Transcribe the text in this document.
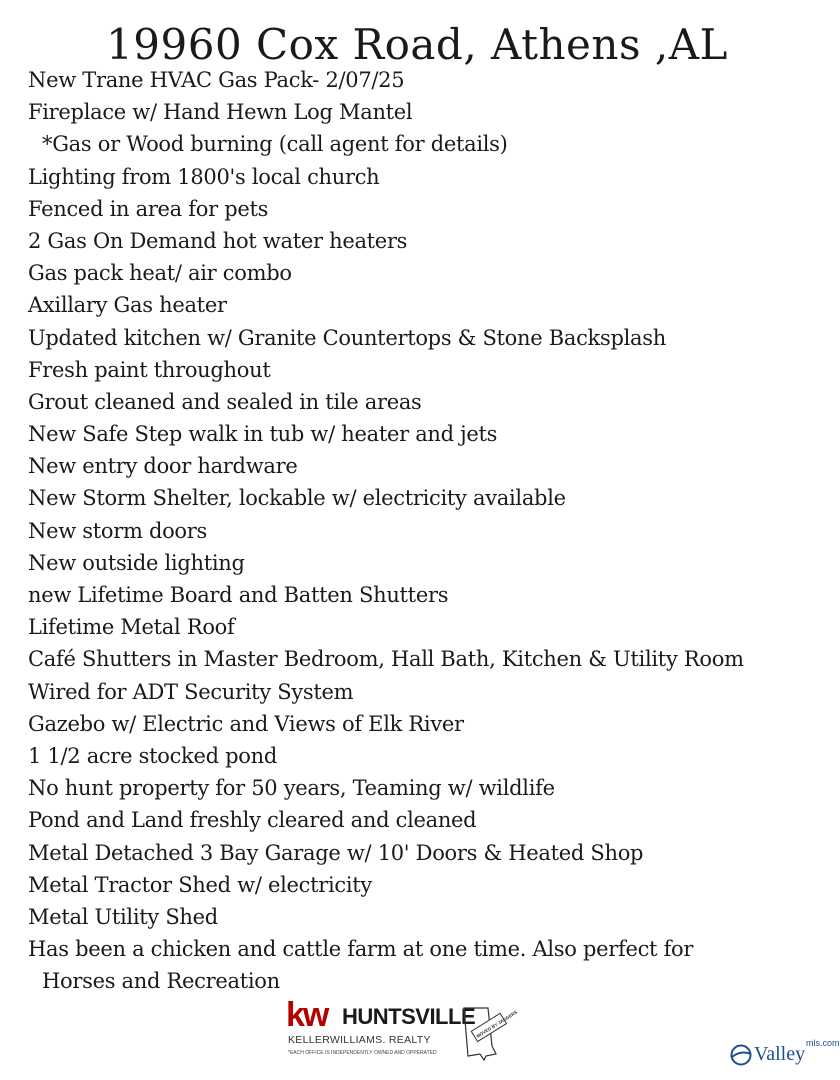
19960 Cox Road, Athens ,AL
New Trane HVAC Gas Pack- 2/07/25
Fireplace w/ Hand Hewn Log Mantel
*Gas or Wood burning (call agent for details)
Lighting from 1800's local church
Fenced in area for pets
2 Gas On Demand hot water heaters
Gas pack heat/ air combo
Axillary Gas heater
Updated kitchen w/ Granite Countertops & Stone Backsplash
Fresh paint throughout
Grout cleaned and sealed in tile areas
New Safe Step walk in tub w/ heater and jets
New entry door hardware
New Storm Shelter, lockable w/ electricity available
New storm doors
New outside lighting
new Lifetime Board and Batten Shutters
Lifetime Metal Roof
Café Shutters in Master Bedroom, Hall Bath, Kitchen & Utility Room
Wired for ADT Security System
Gazebo w/ Electric and Views of Elk River
1 1/2 acre stocked pond
No hunt property for 50 years, Teaming w/ wildlife
Pond and Land freshly cleared and cleaned
Metal Detached 3 Bay Garage w/ 10' Doors & Heated Shop
Metal Tractor Shed w/ electricity
Metal Utility Shed
Has been a chicken and cattle farm at one time. Also perfect for
Horses and Recreation
kw HUNTSVILLE
KELLERWILLIAMS. REALTY
*EACH OFFICE IS INDEPENDENTLY OWNED AND OPPERATED
MOVED BY JAGGERS
Valley mls.com
